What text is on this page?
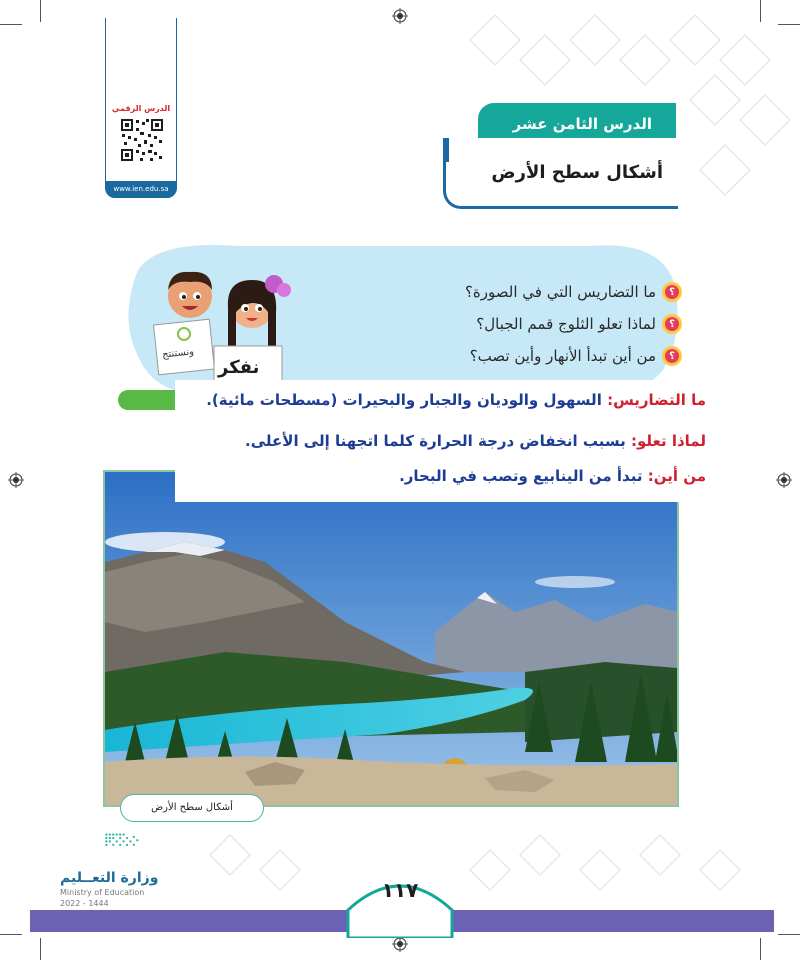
الدرس الرقمي
www.ien.edu.sa
الدرس الثامن عشر
أشكال سطح الأرض
ونستنتج
نفكر
؟
ما التضاريس التي في الصورة؟
؟
لماذا تعلو الثلوج قمم الجبال؟
؟
من أين تبدأ الأنهار وأين تصب؟
أشكال سطح الأرض
ما التضاريس: السهول والوديان والجبار والبحيرات (مسطحات مائية).
لماذا تعلو: بسبب انخفاض درجة الحرارة كلما اتجهنا إلى الأعلى.
من أين: تبدأ من الينابيع وتصب في البحار.
وزارة التعــليم
Ministry of Education
2022 - 1444
١١٧
